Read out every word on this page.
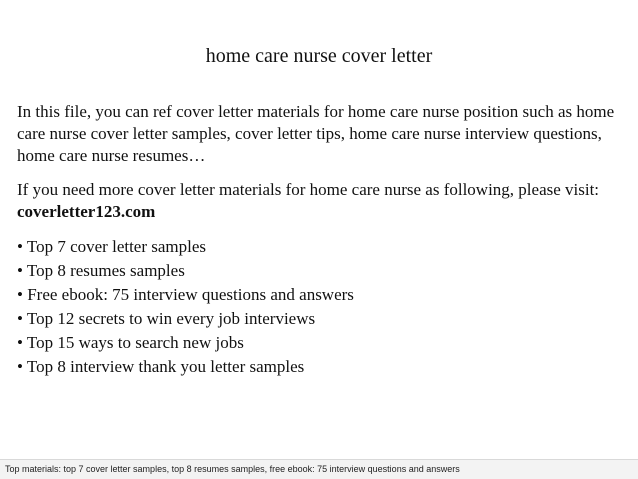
home care nurse cover letter

In this file, you can ref cover letter materials for home care nurse position such as home care nurse cover letter samples, cover letter tips, home care nurse interview questions, home care nurse resumes…

If you need more cover letter materials for home care nurse as following, please visit: coverletter123.com

• Top 7 cover letter samples
• Top 8 resumes samples
• Free ebook: 75 interview questions and answers
• Top 12 secrets to win every job interviews
• Top 15 ways to search new jobs
• Top 8 interview thank you letter samples
Top materials: top 7 cover letter samples, top 8 resumes samples, free ebook: 75 interview questions and answers
